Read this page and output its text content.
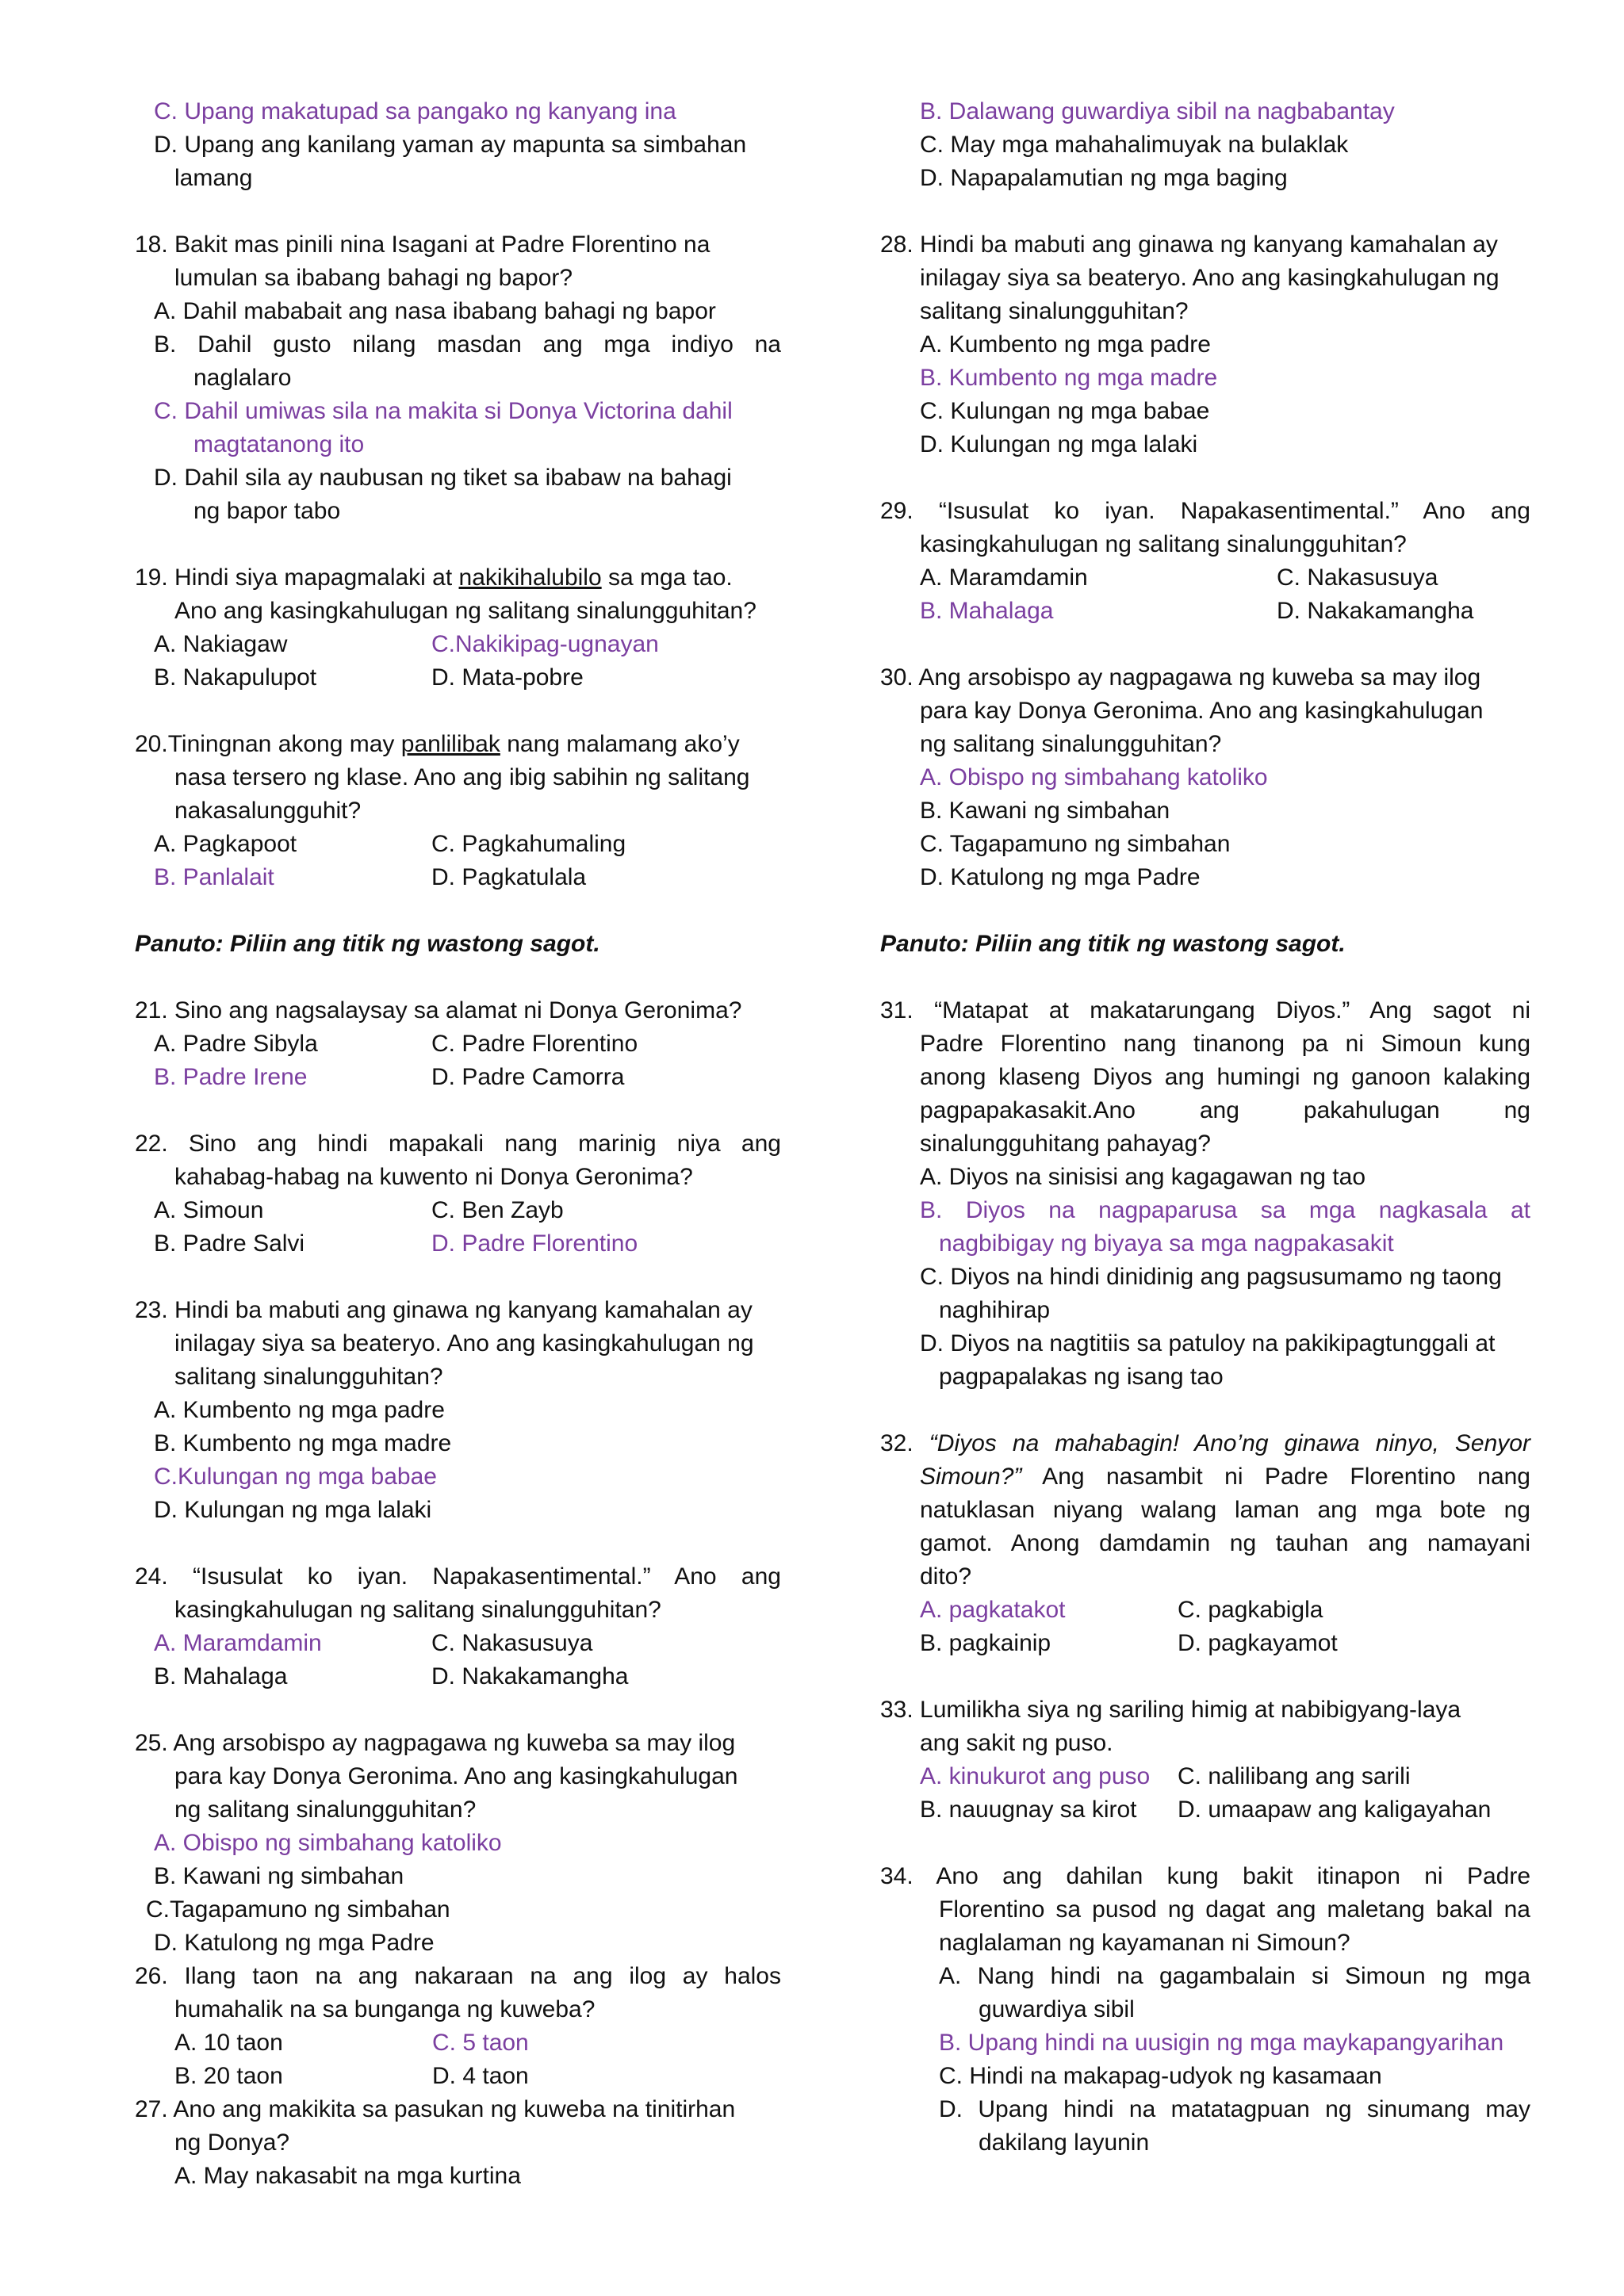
C. Upang makatupad sa pangako ng kanyang ina
D. Upang ang kanilang yaman ay mapunta sa simbahan
lamang
18. Bakit mas pinili nina Isagani at Padre Florentino na
lumulan sa ibabang bahagi ng bapor?
A. Dahil mababait ang nasa ibabang bahagi ng bapor
B. Dahil gusto nilang masdan ang mga indiyo na
naglalaro
C. Dahil umiwas sila na makita si Donya Victorina dahil
magtatanong ito
D. Dahil sila ay naubusan ng tiket sa ibabaw na bahagi
ng bapor tabo
19. Hindi siya mapagmalaki at nakikihalubilo sa mga tao.
Ano ang kasingkahulugan ng salitang sinalungguhitan?
A. Nakiagaw	C.Nakikipag-ugnayan
B. Nakapulupot	D. Mata-pobre
20.Tiningnan akong may panlilibak nang malamang ako’y
nasa tersero ng klase. Ano ang ibig sabihin ng salitang
nakasalungguhit?
A. Pagkapoot	C. Pagkahumaling
B. Panlalait	D. Pagkatulala
Panuto: Piliin ang titik ng wastong sagot.
21. Sino ang nagsalaysay sa alamat ni Donya Geronima?
A. Padre Sibyla	C. Padre Florentino
B. Padre Irene	D. Padre Camorra
22. Sino ang hindi mapakali nang marinig niya ang
kahabag-habag na kuwento ni Donya Geronima?
A. Simoun	C. Ben Zayb
B. Padre Salvi	D. Padre Florentino
23. Hindi ba mabuti ang ginawa ng kanyang kamahalan ay
inilagay siya sa beateryo. Ano ang kasingkahulugan ng
salitang sinalungguhitan?
A. Kumbento ng mga padre
B. Kumbento ng mga madre
C.Kulungan ng mga babae
D. Kulungan ng mga lalaki
24. “Isusulat ko iyan. Napakasentimental.” Ano ang
kasingkahulugan ng salitang sinalungguhitan?
A. Maramdamin	C. Nakasusuya
B. Mahalaga	D. Nakakamangha
25. Ang arsobispo ay nagpagawa ng kuweba sa may ilog
para kay Donya Geronima. Ano ang kasingkahulugan
ng salitang sinalungguhitan?
A. Obispo ng simbahang katoliko
B. Kawani ng simbahan
C.Tagapamuno ng simbahan
D. Katulong ng mga Padre
26. Ilang taon na ang nakaraan na ang ilog ay halos
humahalik na sa bunganga ng kuweba?
A. 10 taon	C. 5 taon
B. 20 taon	D. 4 taon
27. Ano ang makikita sa pasukan ng kuweba na tinitirhan
ng Donya?
A. May nakasabit na mga kurtina
B. Dalawang guwardiya sibil na nagbabantay
C. May mga mahahalimuyak na bulaklak
D. Napapalamutian ng mga baging
28. Hindi ba mabuti ang ginawa ng kanyang kamahalan ay
inilagay siya sa beateryo. Ano ang kasingkahulugan ng
salitang sinalungguhitan?
A. Kumbento ng mga padre
B. Kumbento ng mga madre
C. Kulungan ng mga babae
D. Kulungan ng mga lalaki
29. “Isusulat ko iyan. Napakasentimental.” Ano ang
kasingkahulugan ng salitang sinalungguhitan?
A. Maramdamin	C. Nakasusuya
B. Mahalaga	D. Nakakamangha
30. Ang arsobispo ay nagpagawa ng kuweba sa may ilog
para kay Donya Geronima. Ano ang kasingkahulugan
ng salitang sinalungguhitan?
A. Obispo ng simbahang katoliko
B. Kawani ng simbahan
C. Tagapamuno ng simbahan
D. Katulong ng mga Padre
Panuto: Piliin ang titik ng wastong sagot.
31. “Matapat at makatarungang Diyos.” Ang sagot ni
Padre Florentino nang tinanong pa ni Simoun kung
anong klaseng Diyos ang humingi ng ganoon kalaking
pagpapakasakit.Ano ang pakahulugan ng
sinalungguhitang pahayag?
A. Diyos na sinisisi ang kagagawan ng tao
B. Diyos na nagpaparusa sa mga nagkasala at
nagbibigay ng biyaya sa mga nagpakasakit
C. Diyos na hindi dinidinig ang pagsusumamo ng taong
naghihirap
D. Diyos na nagtitiis sa patuloy na pakikipagtunggali at
pagpapalakas ng isang tao
32. “Diyos na mahabagin! Ano’ng ginawa ninyo, Senyor
Simoun?” Ang nasambit ni Padre Florentino nang
natuklasan niyang walang laman ang mga bote ng
gamot. Anong damdamin ng tauhan ang namayani
dito?
A. pagkatakot	C. pagkabigla
B. pagkainip	D. pagkayamot
33. Lumilikha siya ng sariling himig at nabibigyang-laya
ang sakit ng puso.
A. kinukurot ang puso	C. nalilibang ang sarili
B. nauugnay sa kirot	D. umaapaw ang kaligayahan
34. Ano ang dahilan kung bakit itinapon ni Padre
Florentino sa pusod ng dagat ang maletang bakal na
naglalaman ng kayamanan ni Simoun?
A. Nang hindi na gagambalain si Simoun ng mga
guwardiya sibil
B. Upang hindi na uusigin ng mga maykapangyarihan
C. Hindi na makapag-udyok ng kasamaan
D. Upang hindi na matatagpuan ng sinumang may
dakilang layunin
